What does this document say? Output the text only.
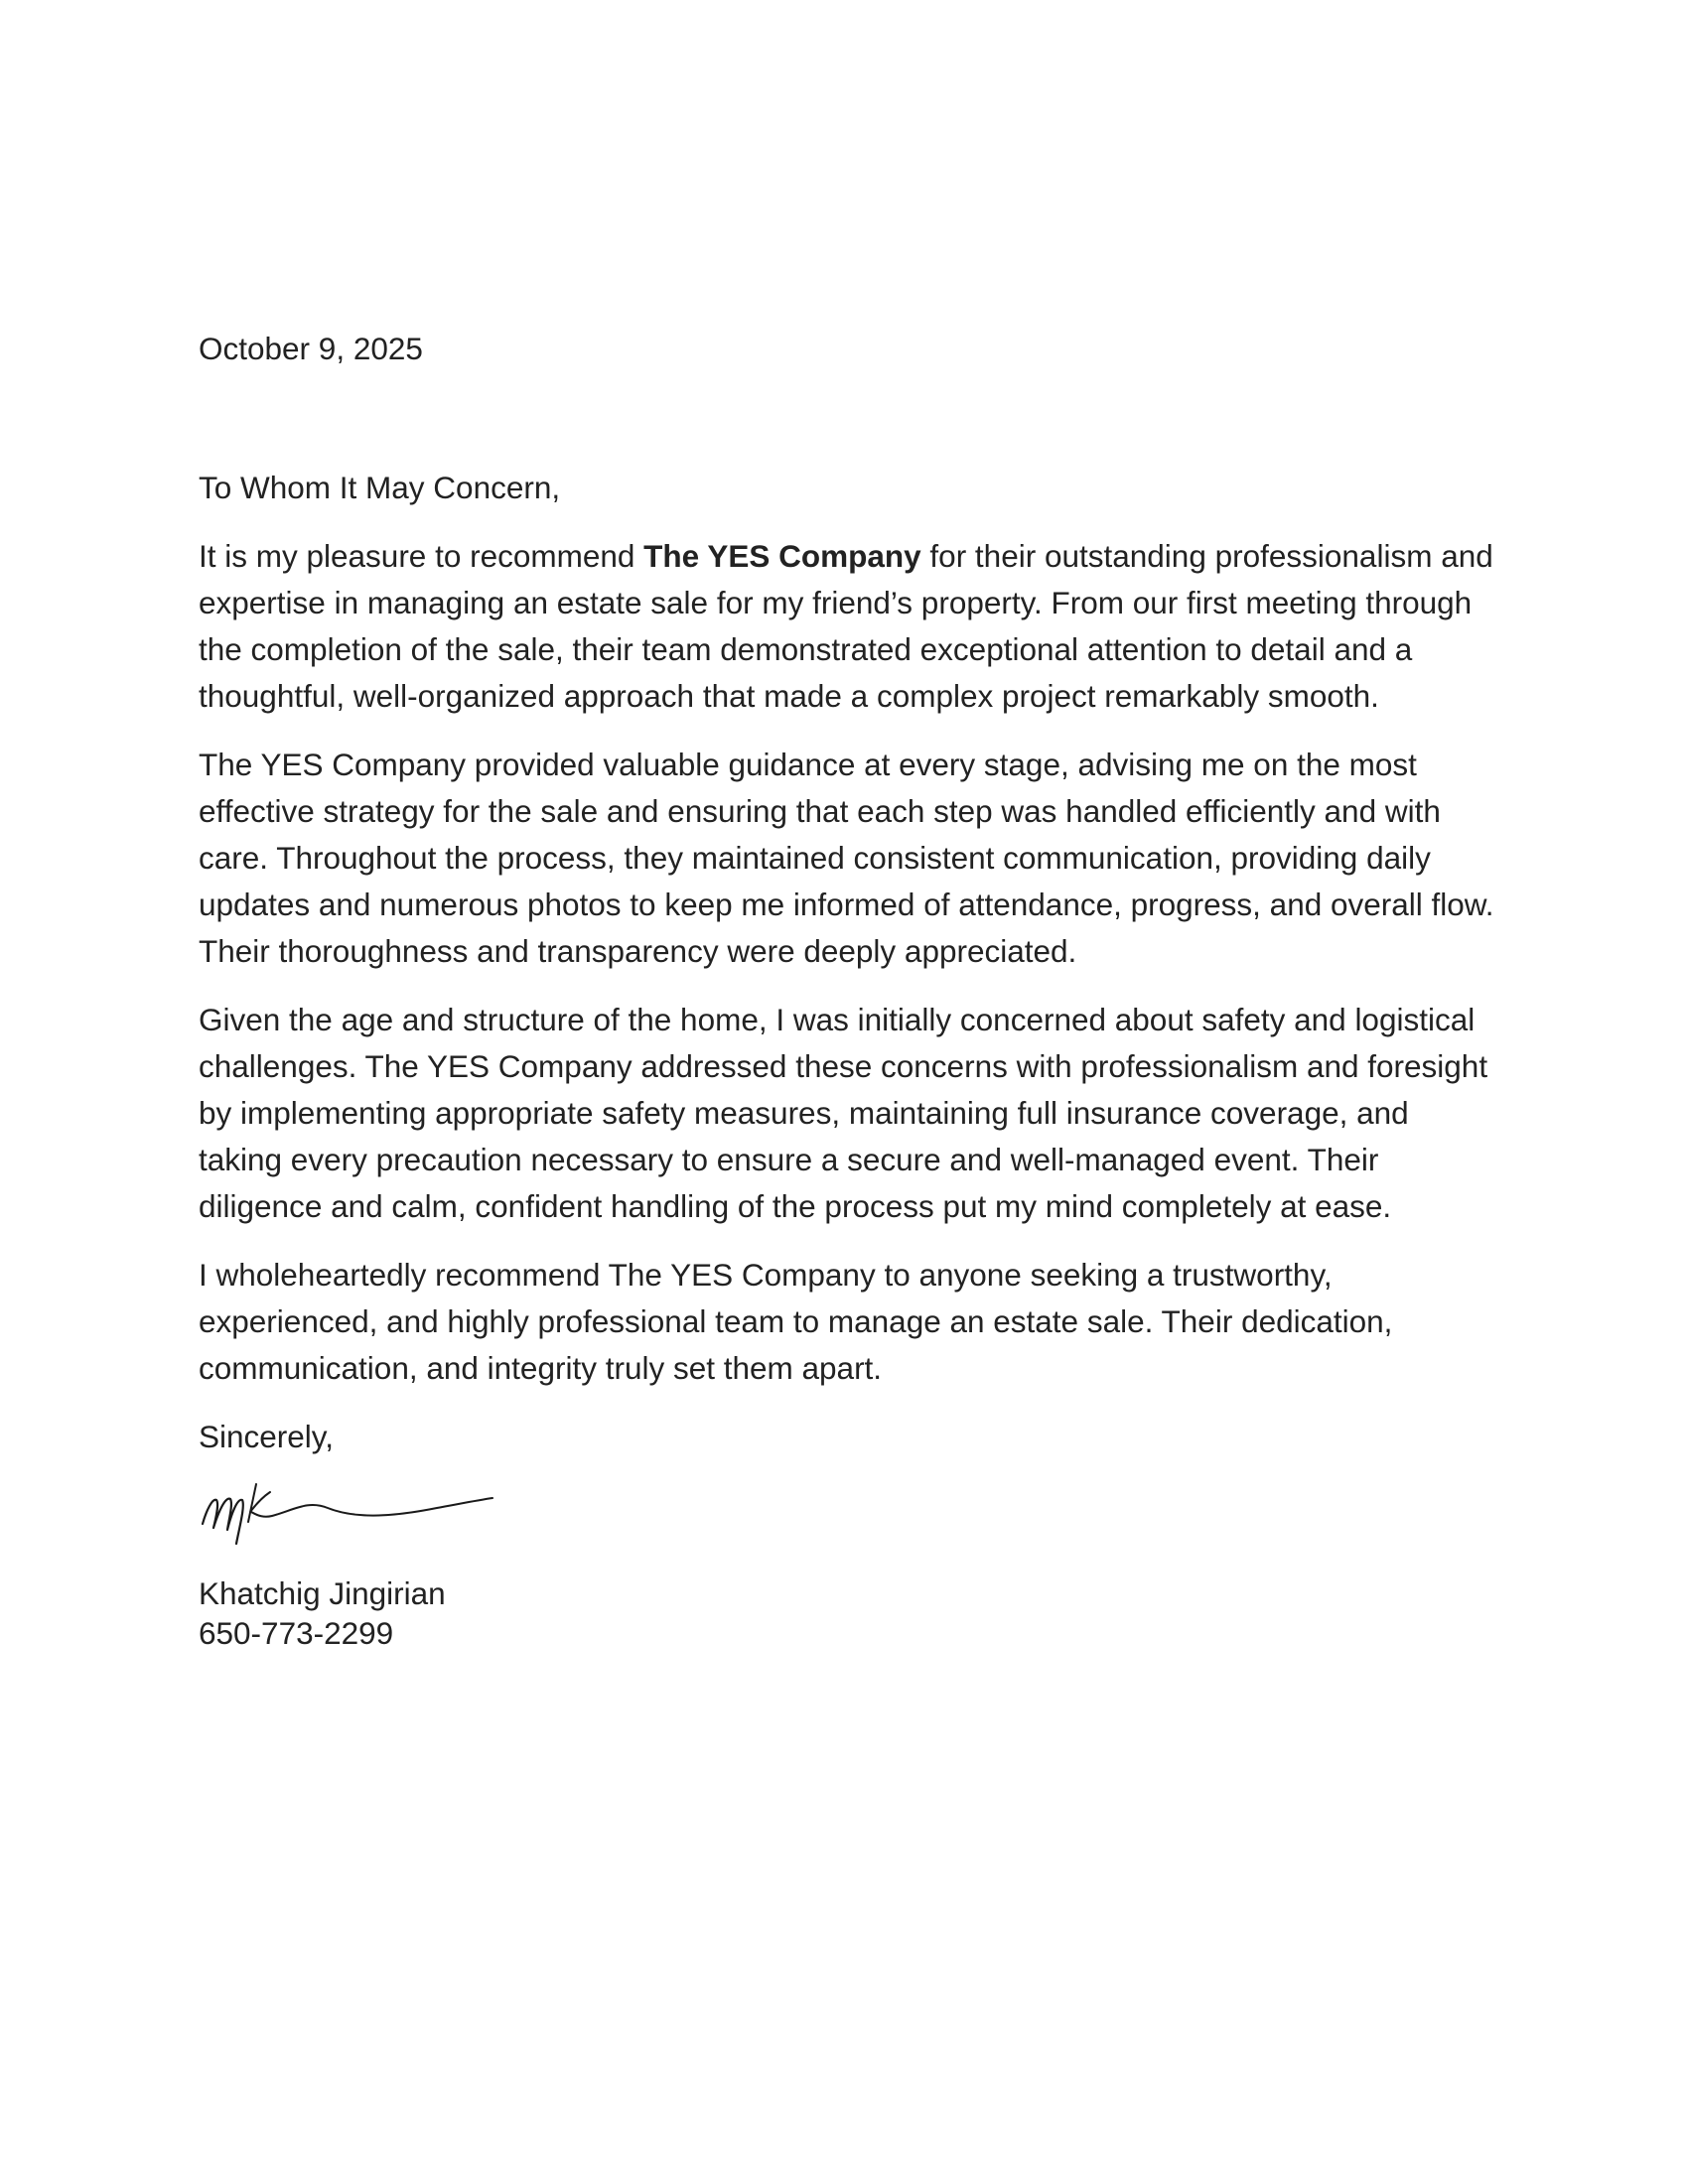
October 9, 2025

To Whom It May Concern,

It is my pleasure to recommend The YES Company for their outstanding professionalism and expertise in managing an estate sale for my friend’s property. From our first meeting through the completion of the sale, their team demonstrated exceptional attention to detail and a thoughtful, well-organized approach that made a complex project remarkably smooth.

The YES Company provided valuable guidance at every stage, advising me on the most effective strategy for the sale and ensuring that each step was handled efficiently and with care. Throughout the process, they maintained consistent communication, providing daily updates and numerous photos to keep me informed of attendance, progress, and overall flow. Their thoroughness and transparency were deeply appreciated.

Given the age and structure of the home, I was initially concerned about safety and logistical challenges. The YES Company addressed these concerns with professionalism and foresight by implementing appropriate safety measures, maintaining full insurance coverage, and taking every precaution necessary to ensure a secure and well-managed event. Their diligence and calm, confident handling of the process put my mind completely at ease.

I wholeheartedly recommend The YES Company to anyone seeking a trustworthy, experienced, and highly professional team to manage an estate sale. Their dedication, communication, and integrity truly set them apart.

Sincerely,

Khatchig Jingirian

650-773-2299
